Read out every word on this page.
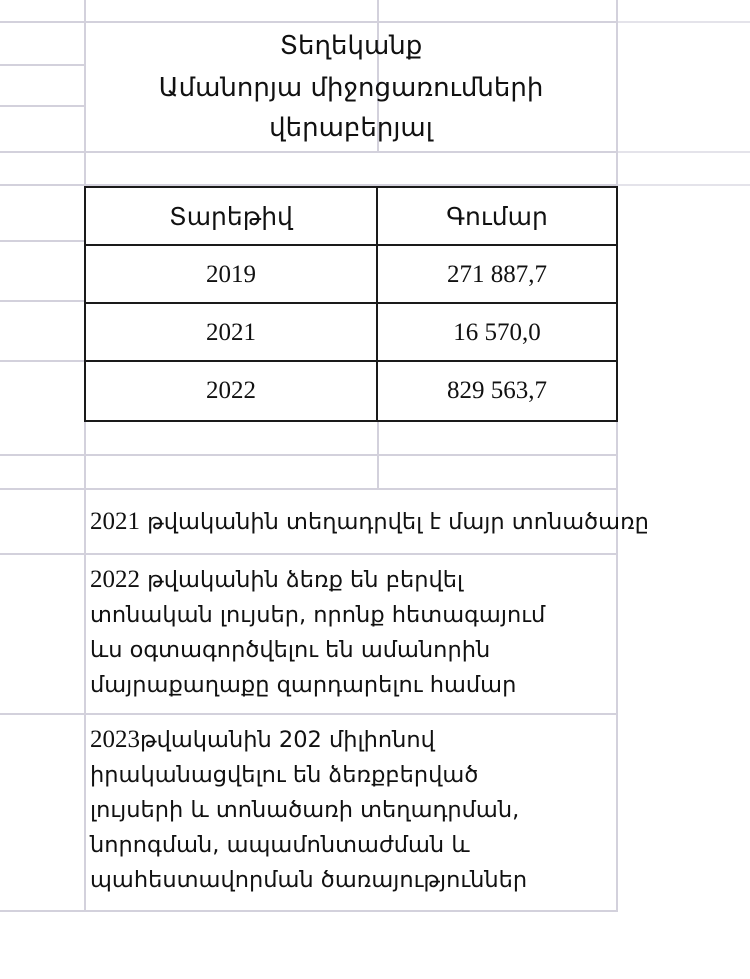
Տեղեկանք
Ամանորյա միջոցառումների
վերաբերյալ
Տարեթիվ	Գումար
2019	271 887,7
2021	16 570,0
2022	829 563,7
2021 թվականին տեղադրվել է մայր տոնածառը
2022 թվականին ձեռք են բերվել
տոնական լույսեր, որոնք հետագայում
ևս օգտագործվելու են ամանորին
մայրաքաղաքը զարդարելու համար
2023թվականին 202 միլիոնով
իրականացվելու են ձեռքբերված
լույսերի և տոնածառի տեղադրման,
նորոգման, ապամոնտաժման և
պահեստավորման ծառայություններ
